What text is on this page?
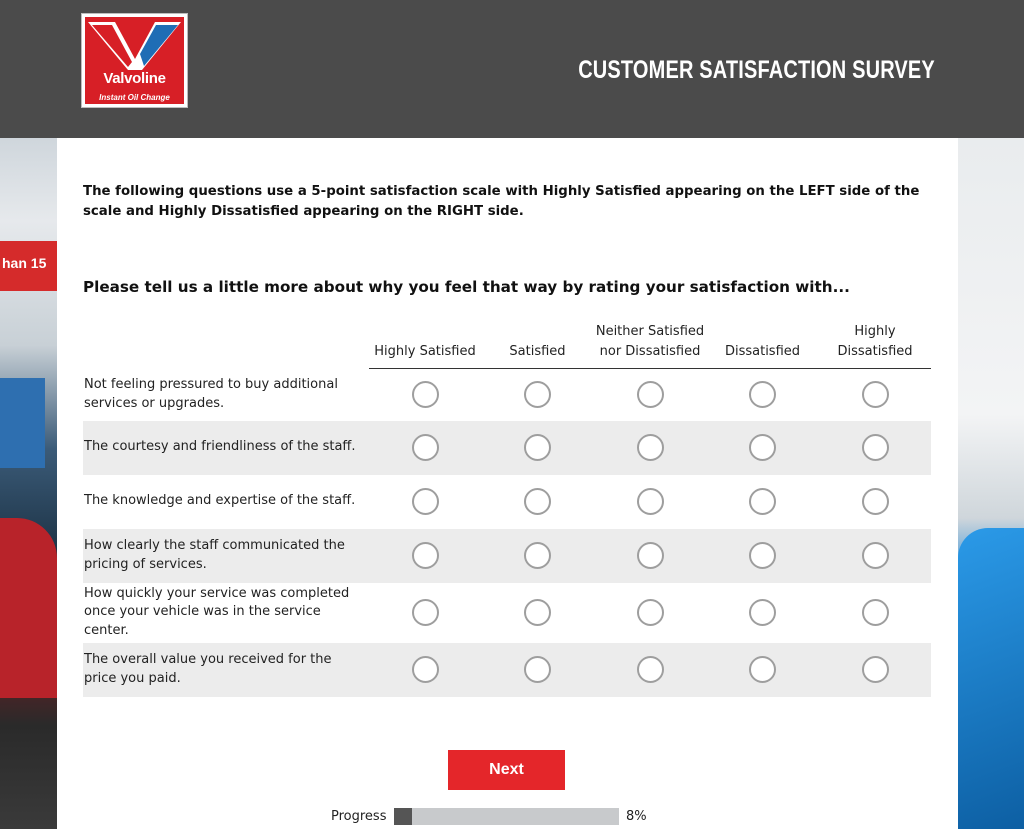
Valvoline
Instant Oil Change
CUSTOMER SATISFACTION SURVEY
han 15

The following questions use a 5-point satisfaction scale with Highly Satisfied appearing on the LEFT side of the scale and Highly Dissatisfied appearing on the RIGHT side.

Please tell us a little more about why you feel that way by rating your satisfaction with...

	Highly Satisfied	Satisfied	Neither Satisfied nor Dissatisfied	Dissatisfied	Highly Dissatisfied
Not feeling pressured to buy additional services or upgrades.					
The courtesy and friendliness of the staff.					
The knowledge and expertise of the staff.					
How clearly the staff communicated the pricing of services.					
How quickly your service was completed once your vehicle was in the service center.					
The overall value you received for the price you paid.					
Next
Progress	8%
